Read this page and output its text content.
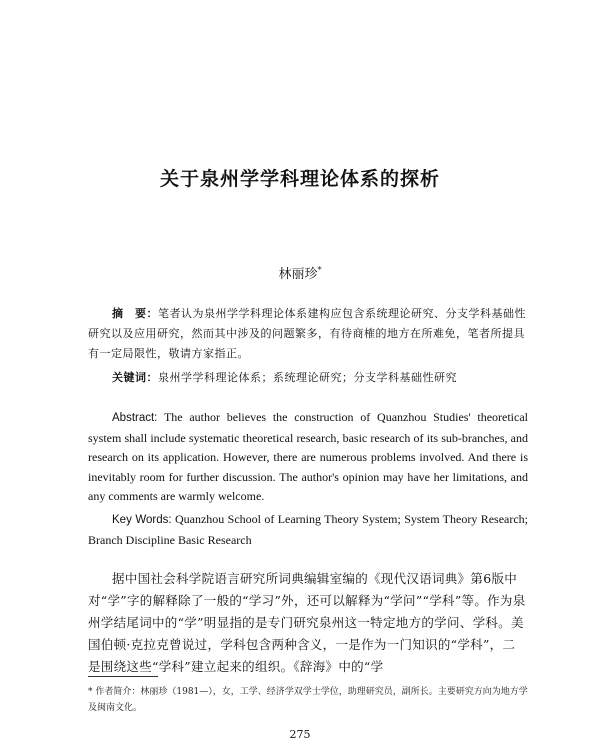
关于泉州学学科理论体系的探析
林丽珍*
摘　要：笔者认为泉州学学科理论体系建构应包含系统理论研究、分支学科基础性研究以及应用研究，然而其中涉及的问题繁多，有待商榷的地方在所难免，笔者所提具有一定局限性，敬请方家指正。
关键词：泉州学学科理论体系；系统理论研究；分支学科基础性研究
Abstract: The author believes the construction of Quanzhou Studies' theoretical system shall include systematic theoretical research, basic research of its sub-branches, and research on its application. However, there are numerous problems involved. And there is inevitably room for further discussion. The author's opinion may have her limitations, and any comments are warmly welcome.
Key Words: Quanzhou School of Learning Theory System; System Theory Research; Branch Discipline Basic Research
据中国社会科学院语言研究所词典编辑室编的《现代汉语词典》第6版中对“学”字的解释除了一般的“学习”外，还可以解释为“学问”“学科”等。作为泉州学结尾词中的“学”明显指的是专门研究泉州这一特定地方的学问、学科。美国伯顿·克拉克曾说过，学科包含两种含义，一是作为一门知识的“学科”，二是围绕这些“学科”建立起来的组织。《辞海》中的“学
* 作者简介：林丽珍（1981—），女，工学、经济学双学士学位，助理研究员，副所长。主要研究方向为地方学及闽南文化。
275
